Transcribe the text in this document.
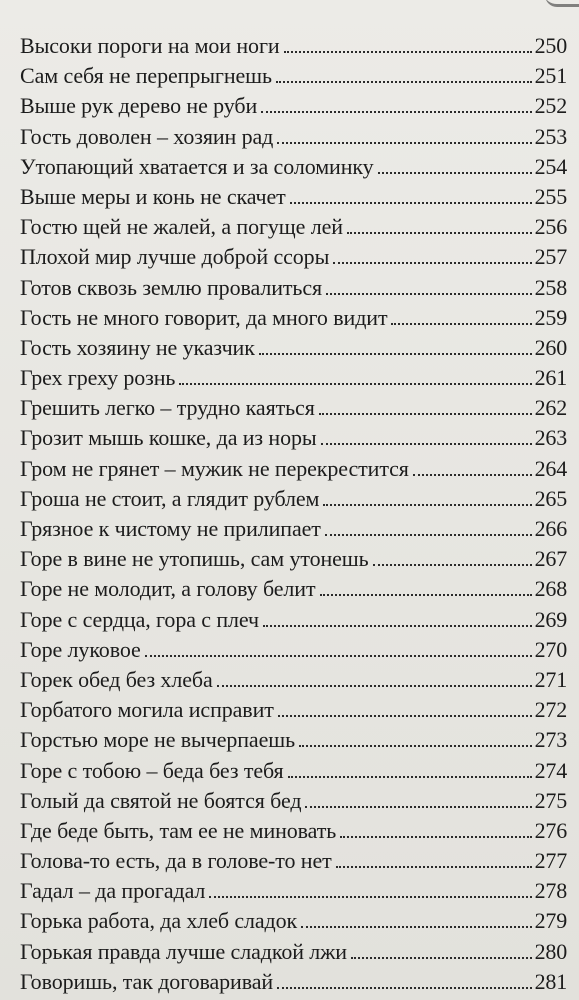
Высоки пороги на мои ноги	250
Сам себя не перепрыгнешь	251
Выше рук дерево не руби	252
Гость доволен – хозяин рад	253
Утопающий хватается и за соломинку	254
Выше меры и конь не скачет	255
Гостю щей не жалей, а погуще лей	256
Плохой мир лучше доброй ссоры	257
Готов сквозь землю провалиться	258
Гость не много говорит, да много видит	259
Гость хозяину не указчик	260
Грех греху рознь	261
Грешить легко – трудно каяться	262
Грозит мышь кошке, да из норы	263
Гром не грянет – мужик не перекрестится	264
Гроша не стоит, а глядит рублем	265
Грязное к чистому не прилипает	266
Горе в вине не утопишь, сам утонешь	267
Горе не молодит, а голову белит	268
Горе с сердца, гора с плеч	269
Горе луковое	270
Горек обед без хлеба	271
Горбатого могила исправит	272
Горстью море не вычерпаешь	273
Горе с тобою – беда без тебя	274
Голый да святой не боятся бед	275
Где беде быть, там ее не миновать	276
Голова-то есть, да в голове-то нет	277
Гадал – да прогадал	278
Горька работа, да хлеб сладок	279
Горькая правда лучше сладкой лжи	280
Говоришь, так договаривай	281
